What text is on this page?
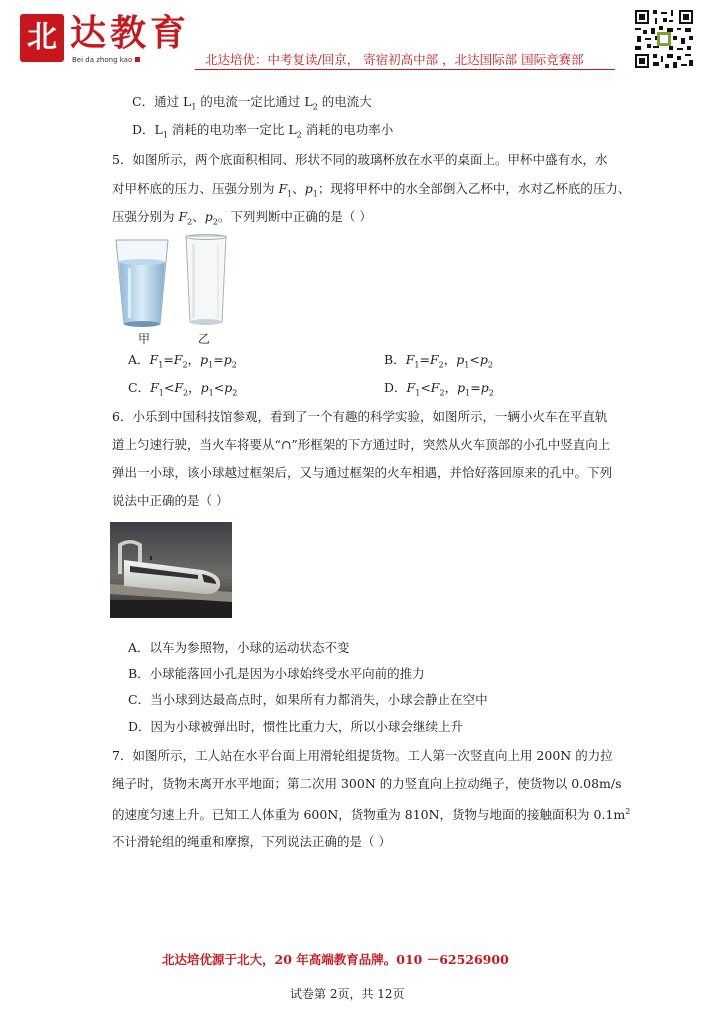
北 达教育
Bei da zhong kao	北达培优：中考复读/回京， 寄宿初高中部 ，北达国际部 国际竞赛部
C．通过 $L_1$ 的电流一定比通过 $L_2$ 的电流大
D．$L_1$ 消耗的电功率一定比 $L_2$ 消耗的电功率小
5．如图所示，两个底面积相同、形状不同的玻璃杯放在水平的桌面上。甲杯中盛有水，水
对甲杯底的压力、压强分别为 $F_1$、$p_1$；现将甲杯中的水全部倒入乙杯中，水对乙杯底的压力、
压强分别为 $F_2$、$p_2$。下列判断中正确的是（ ）
甲	乙
A．$F_1=F_2$，$p_1=p_2$	B．$F_1=F_2$，$p_1<p_2$
C．$F_1<F_2$，$p_1<p_2$	D．$F_1<F_2$，$p_1=p_2$
6．小乐到中国科技馆参观，看到了一个有趣的科学实验，如图所示，一辆小火车在平直轨
道上匀速行驶，当火车将要从“∩”形框架的下方通过时，突然从火车顶部的小孔中竖直向上
弹出一小球，该小球越过框架后，又与通过框架的火车相遇，并恰好落回原来的孔中。下列
说法中正确的是（ ）
A．以车为参照物，小球的运动状态不变
B．小球能落回小孔是因为小球始终受水平向前的推力
C．当小球到达最高点时，如果所有力都消失，小球会静止在空中
D．因为小球被弹出时，惯性比重力大，所以小球会继续上升
7．如图所示，工人站在水平台面上用滑轮组提货物。工人第一次竖直向上用 200N 的力拉
绳子时，货物未离开水平地面；第二次用 300N 的力竖直向上拉动绳子，使货物以 0.08m/s
的速度匀速上升。已知工人体重为 600N，货物重为 810N，货物与地面的接触面积为 $0.1m^2$
不计滑轮组的绳重和摩擦，下列说法正确的是（ ）
北达培优源于北大，20 年高端教育品牌。010 －62526900
试卷第 2页，共 12页
